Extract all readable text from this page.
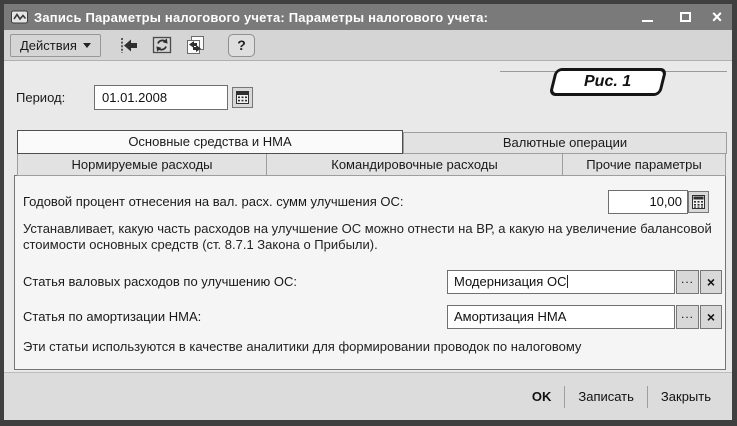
Запись Параметры налогового учета: Параметры налогового учета:	×
Действия	?
Период:	01.01.2008
Рис. 1
Основные средства и НМА	Валютные операции
Нормируемые расходы	Командировочные расходы	Прочие параметры
Годовой процент отнесения на вал. расх. сумм улучшения ОС:	10,00
Устанавливает, какую часть расходов на улучшение ОС можно отнести на ВР, а какую на увеличение балансовой стоимости основных средств (ст. 8.7.1 Закона о Прибыли).
Статья валовых расходов по улучшению ОС:	Модернизация ОС	... ×
Статья по амортизации НМА:	Амортизация НМА	... ×
Эти статьи используются в качестве аналитики для формировании проводок по налоговому
OK	Записать	Закрыть
